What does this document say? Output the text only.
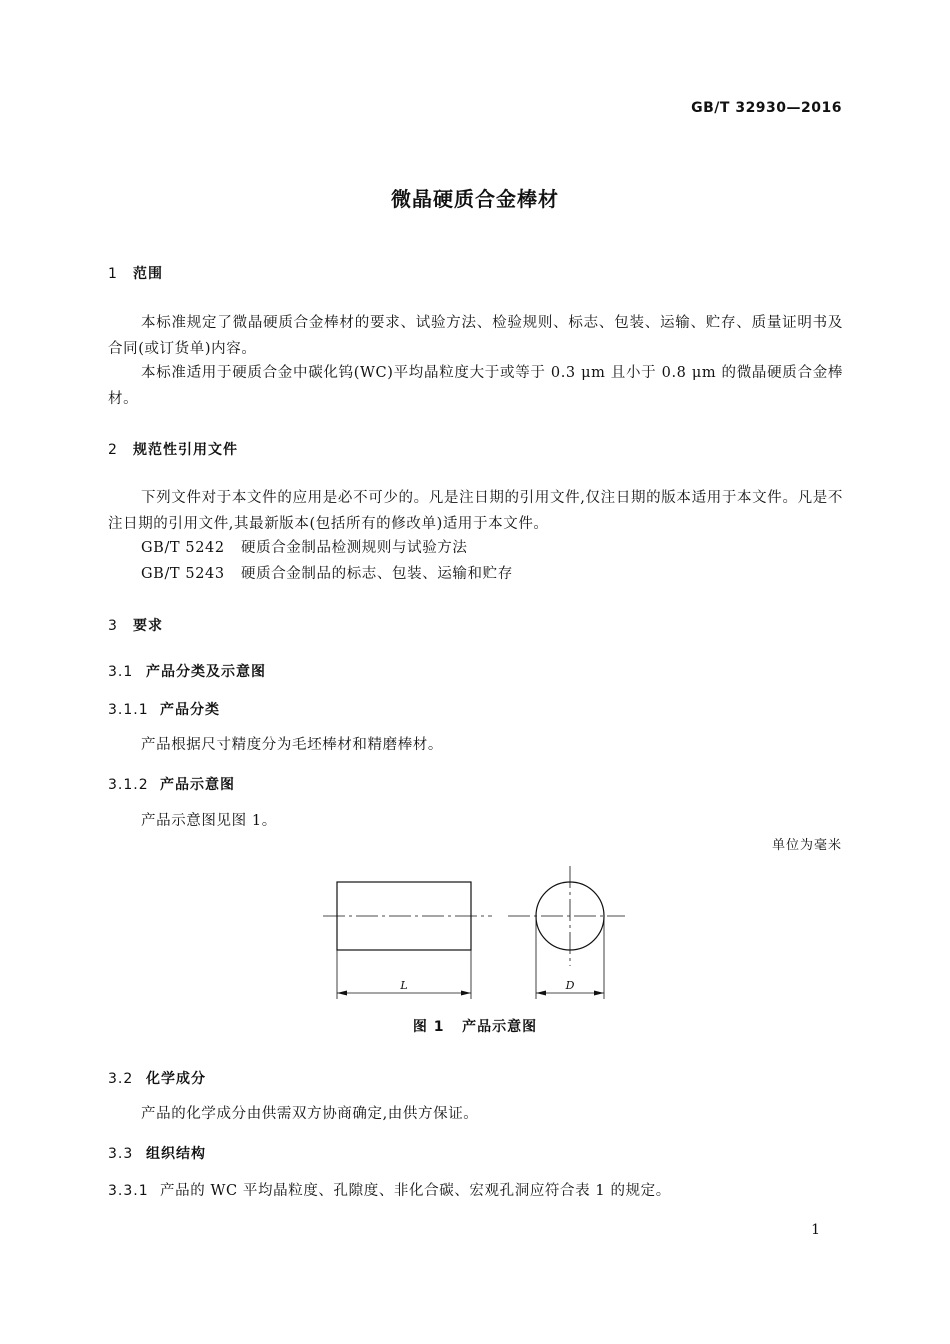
GB/T 32930—2016
微晶硬质合金棒材
1 范围
本标准规定了微晶硬质合金棒材的要求、试验方法、检验规则、标志、包装、运输、贮存、质量证明书及合同(或订货单)内容。
本标准适用于硬质合金中碳化钨(WC)平均晶粒度大于或等于 0.3 μm 且小于 0.8 μm 的微晶硬质合金棒材。
2 规范性引用文件
下列文件对于本文件的应用是必不可少的。凡是注日期的引用文件,仅注日期的版本适用于本文件。凡是不注日期的引用文件,其最新版本(包括所有的修改单)适用于本文件。
GB/T 5242 硬质合金制品检测规则与试验方法
GB/T 5243 硬质合金制品的标志、包装、运输和贮存
3 要求
3.1 产品分类及示意图
3.1.1 产品分类
产品根据尺寸精度分为毛坯棒材和精磨棒材。
3.1.2 产品示意图
产品示意图见图 1。
单位为毫米
L	D
图 1   产品示意图
3.2 化学成分
产品的化学成分由供需双方协商确定,由供方保证。
3.3 组织结构
3.3.1 产品的 WC 平均晶粒度、孔隙度、非化合碳、宏观孔洞应符合表 1 的规定。
1
